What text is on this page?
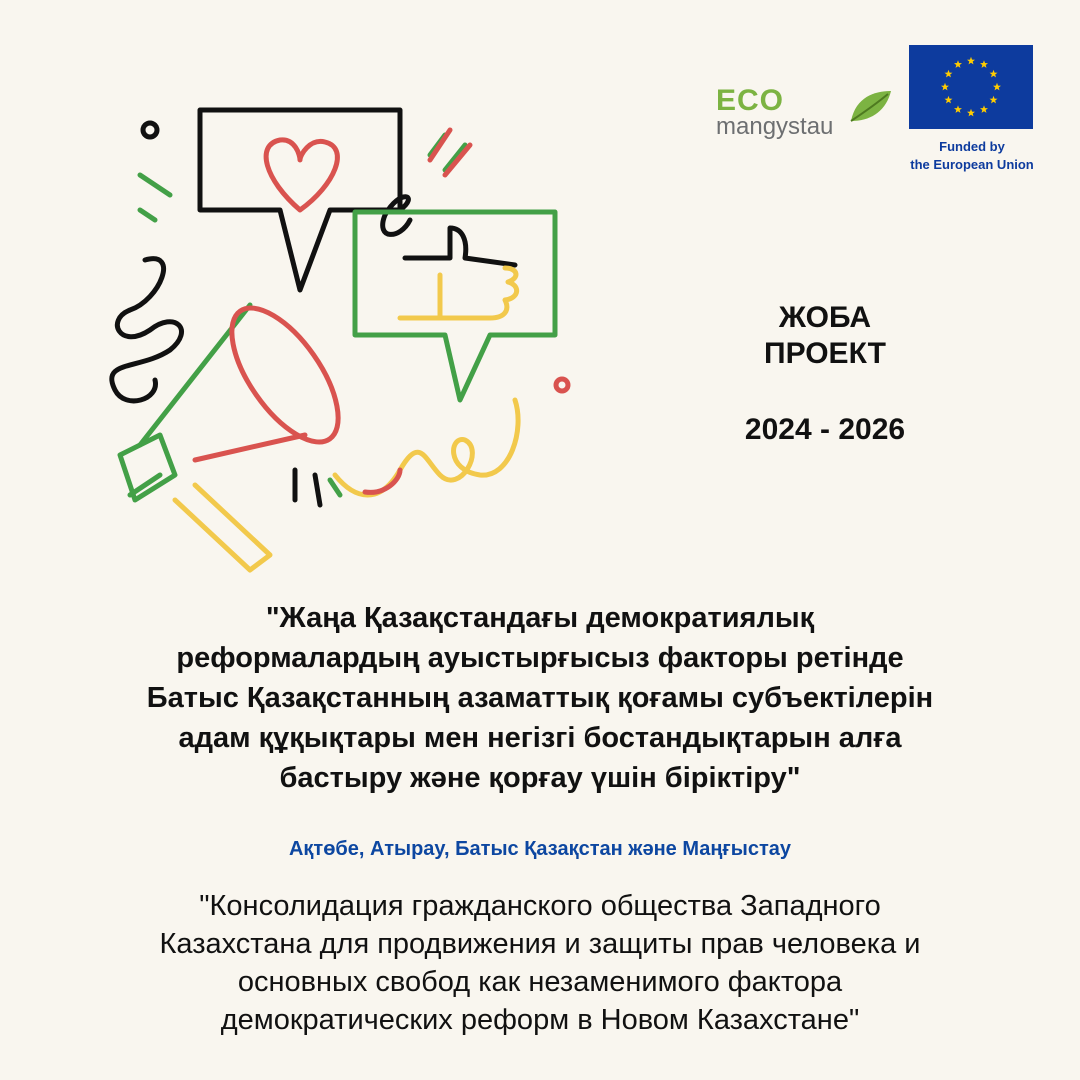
ECO
mangystau
Funded by
the European Union
ЖОБА
ПРОЕКТ
2024 - 2026
"Жаңа Қазақстандағы демократиялық
реформалардың ауыстырғысыз факторы ретінде
Батыс Қазақстанның азаматтық қоғамы субъектілерін
адам құқықтары мен негізгі бостандықтарын алға
бастыру және қорғау үшін біріктіру"
Ақтөбе, Атырау, Батыс Қазақстан және Маңғыстау
"Консолидация гражданского общества Западного
Казахстана для продвижения и защиты прав человека и
основных свобод как незаменимого фактора
демократических реформ в Новом Казахстане"
